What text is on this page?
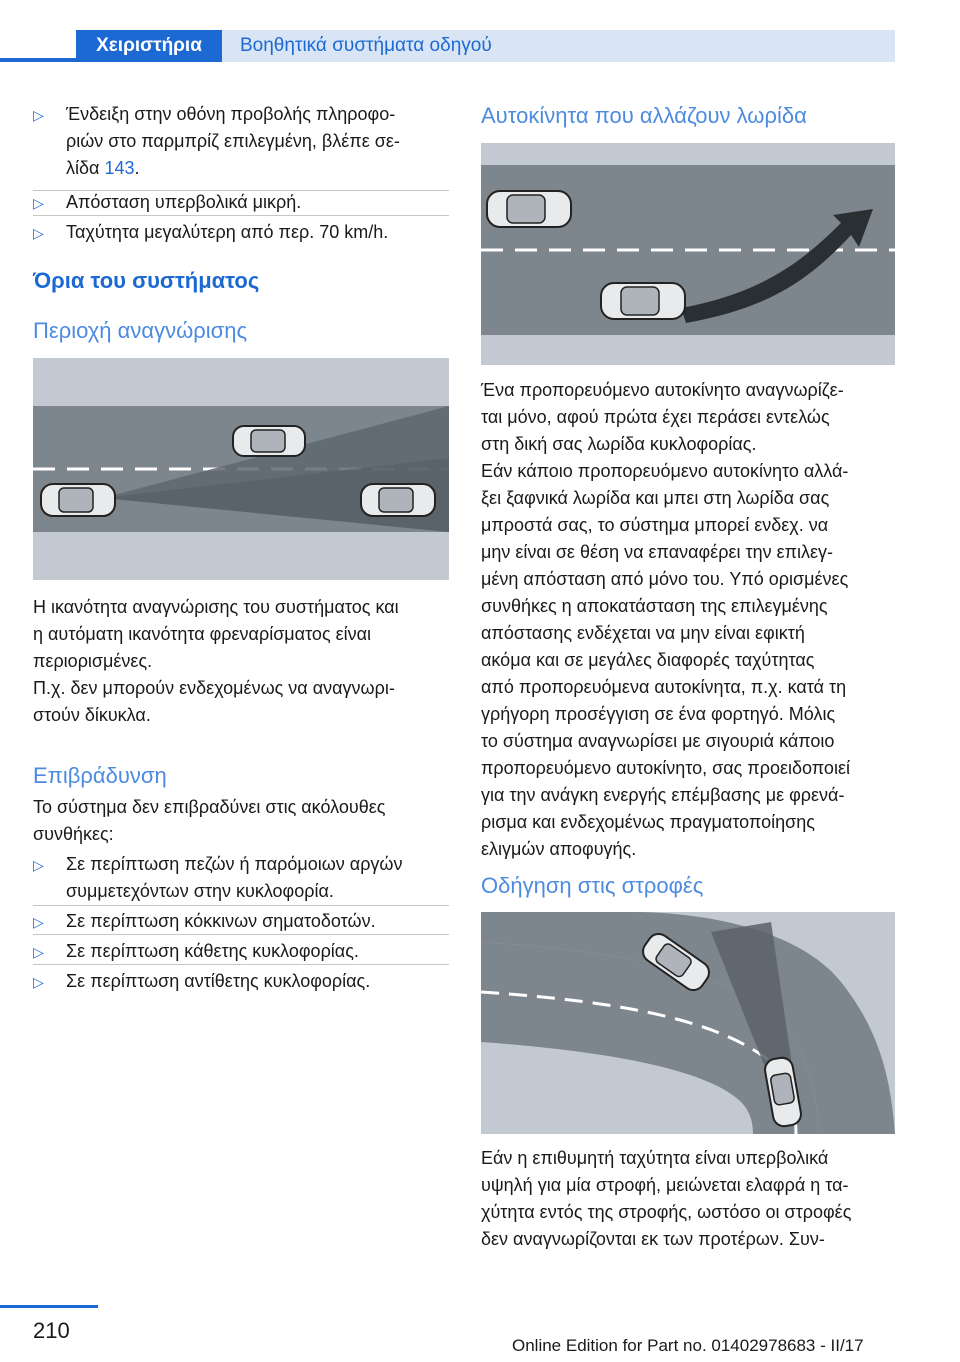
Χειριστήρια	Βοηθητικά συστήματα οδηγού
▷ Ένδειξη στην οθόνη προβολής πληροφο-
ριών στο παρμπρίζ επιλεγμένη, βλέπε σε-
λίδα 143.
▷ Απόσταση υπερβολικά μικρή.
▷ Ταχύτητα μεγαλύτερη από περ. 70 km/h.
Όρια του συστήματος
Περιοχή αναγνώρισης
Η ικανότητα αναγνώρισης του συστήματος και
η αυτόματη ικανότητα φρεναρίσματος είναι
περιορισμένες.
Π.χ. δεν μπορούν ενδεχομένως να αναγνωρι-
στούν δίκυκλα.
Επιβράδυνση
Το σύστημα δεν επιβραδύνει στις ακόλουθες
συνθήκες:
▷ Σε περίπτωση πεζών ή παρόμοιων αργών
συμμετεχόντων στην κυκλοφορία.
▷ Σε περίπτωση κόκκινων σηματοδοτών.
▷ Σε περίπτωση κάθετης κυκλοφορίας.
▷ Σε περίπτωση αντίθετης κυκλοφορίας.
Αυτοκίνητα που αλλάζουν λωρίδα
Ένα προπορευόμενο αυτοκίνητο αναγνωρίζε-
ται μόνο, αφού πρώτα έχει περάσει εντελώς
στη δική σας λωρίδα κυκλοφορίας.
Εάν κάποιο προπορευόμενο αυτοκίνητο αλλά-
ξει ξαφνικά λωρίδα και μπει στη λωρίδα σας
μπροστά σας, το σύστημα μπορεί ενδεχ. να
μην είναι σε θέση να επαναφέρει την επιλεγ-
μένη απόσταση από μόνο του. Υπό ορισμένες
συνθήκες η αποκατάσταση της επιλεγμένης
απόστασης ενδέχεται να μην είναι εφικτή
ακόμα και σε μεγάλες διαφορές ταχύτητας
από προπορευόμενα αυτοκίνητα, π.χ. κατά τη
γρήγορη προσέγγιση σε ένα φορτηγό. Μόλις
το σύστημα αναγνωρίσει με σιγουριά κάποιο
προπορευόμενο αυτοκίνητο, σας προειδοποιεί
για την ανάγκη ενεργής επέμβασης με φρενά-
ρισμα και ενδεχομένως πραγματοποίησης
ελιγμών αποφυγής.
Οδήγηση στις στροφές
Εάν η επιθυμητή ταχύτητα είναι υπερβολικά
υψηλή για μία στροφή, μειώνεται ελαφρά η τα-
χύτητα εντός της στροφής, ωστόσο οι στροφές
δεν αναγνωρίζονται εκ των προτέρων. Συν-
210
Online Edition for Part no. 01402978683 - II/17
